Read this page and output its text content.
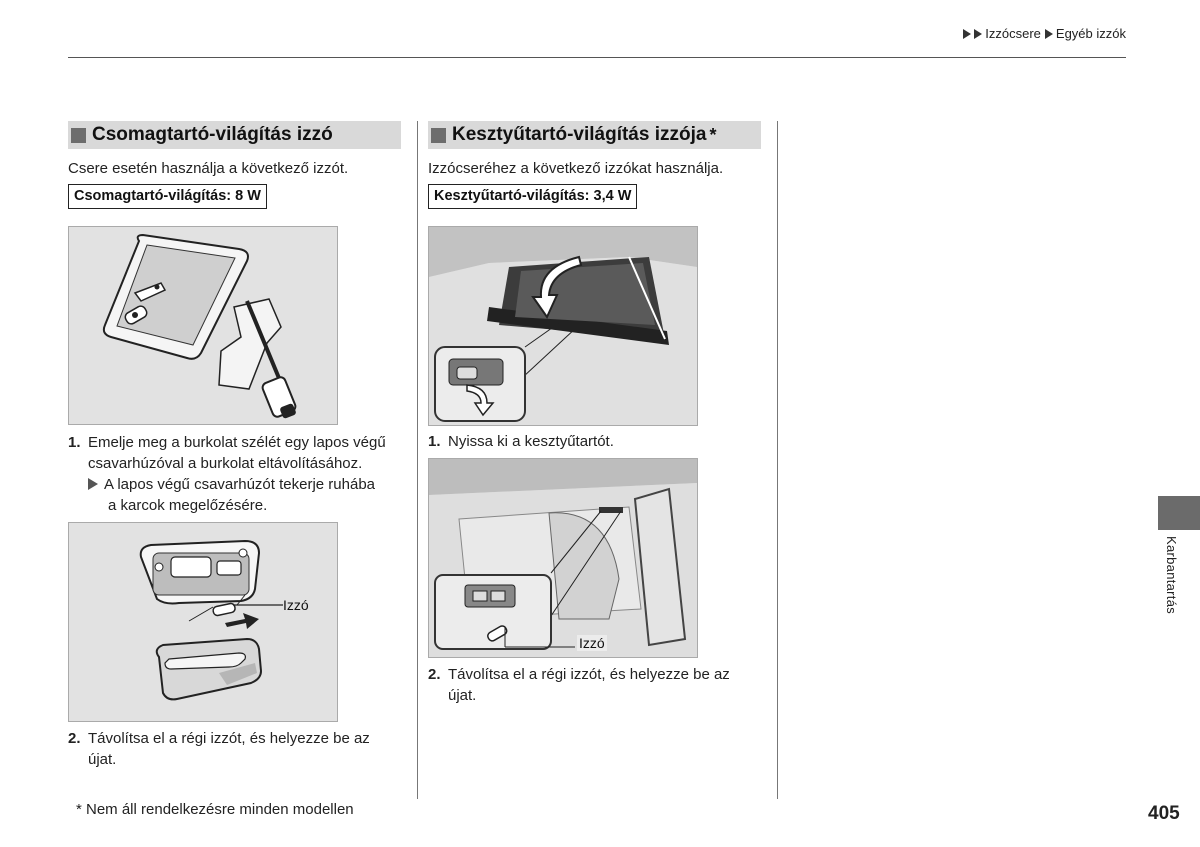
Izzócsere Egyéb izzók
Csomagtartó-világítás izzó
Csere esetén használja a következő izzót.
Csomagtartó-világítás: 8 W
1. Emelje meg a burkolat szélét egy lapos végű
csavarhúzóval a burkolat eltávolításához.
A lapos végű csavarhúzót tekerje ruhába
a karcok megelőzésére.
Izzó
2. Távolítsa el a régi izzót, és helyezze be az
újat.
Kesztyűtartó-világítás izzója *
Izzócseréhez a következő izzókat használja.
Kesztyűtartó-világítás: 3,4 W
1. Nyissa ki a kesztyűtartót.
Izzó
2. Távolítsa el a régi izzót, és helyezze be az
újat.
Karbantartás
* Nem áll rendelkezésre minden modellen	405
